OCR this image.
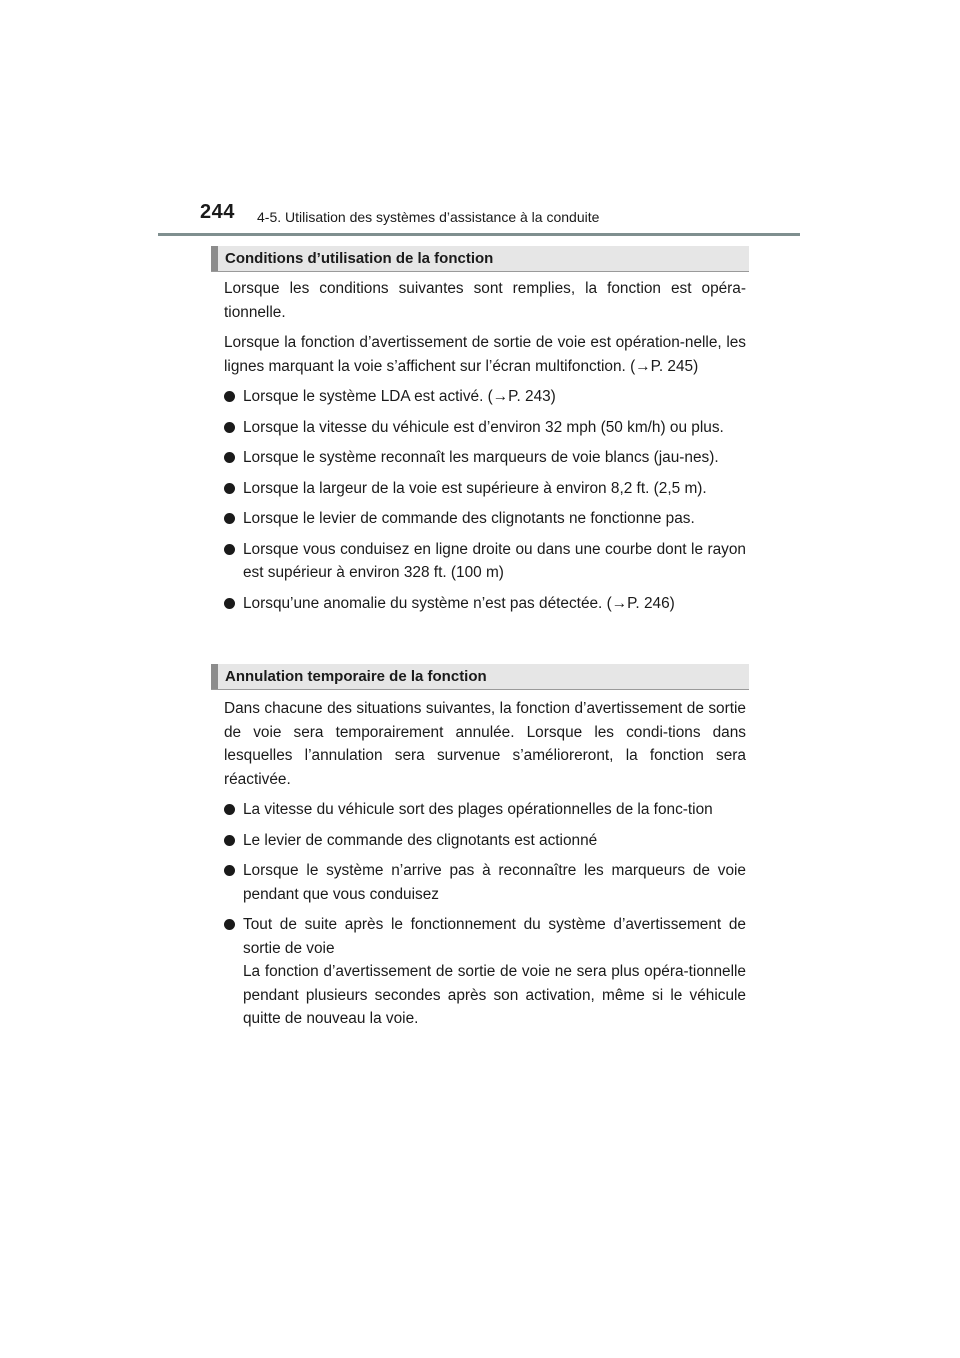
244 4-5. Utilisation des systèmes d’assistance à la conduite
Conditions d’utilisation de la fonction

Lorsque les conditions suivantes sont remplies, la fonction est opéra-tionnelle.

Lorsque la fonction d’avertissement de sortie de voie est opération-nelle, les lignes marquant la voie s’affichent sur l’écran multifonction. (→P. 245)

Lorsque le système LDA est activé. (→P. 243)
Lorsque la vitesse du véhicule est d’environ 32 mph (50 km/h) ou plus.
Lorsque le système reconnaît les marqueurs de voie blancs (jau-nes).
Lorsque la largeur de la voie est supérieure à environ 8,2 ft. (2,5 m).
Lorsque le levier de commande des clignotants ne fonctionne pas.
Lorsque vous conduisez en ligne droite ou dans une courbe dont le rayon est supérieur à environ 328 ft. (100 m)
Lorsqu’une anomalie du système n’est pas détectée. (→P. 246)
Annulation temporaire de la fonction

Dans chacune des situations suivantes, la fonction d’avertissement de sortie de voie sera temporairement annulée. Lorsque les condi-tions dans lesquelles l’annulation sera survenue s’amélioreront, la fonction sera réactivée.

La vitesse du véhicule sort des plages opérationnelles de la fonc-tion
Le levier de commande des clignotants est actionné
Lorsque le système n’arrive pas à reconnaître les marqueurs de voie pendant que vous conduisez
Tout de suite après le fonctionnement du système d’avertissement de sortie de voie
La fonction d’avertissement de sortie de voie ne sera plus opéra-tionnelle pendant plusieurs secondes après son activation, même si le véhicule quitte de nouveau la voie.
